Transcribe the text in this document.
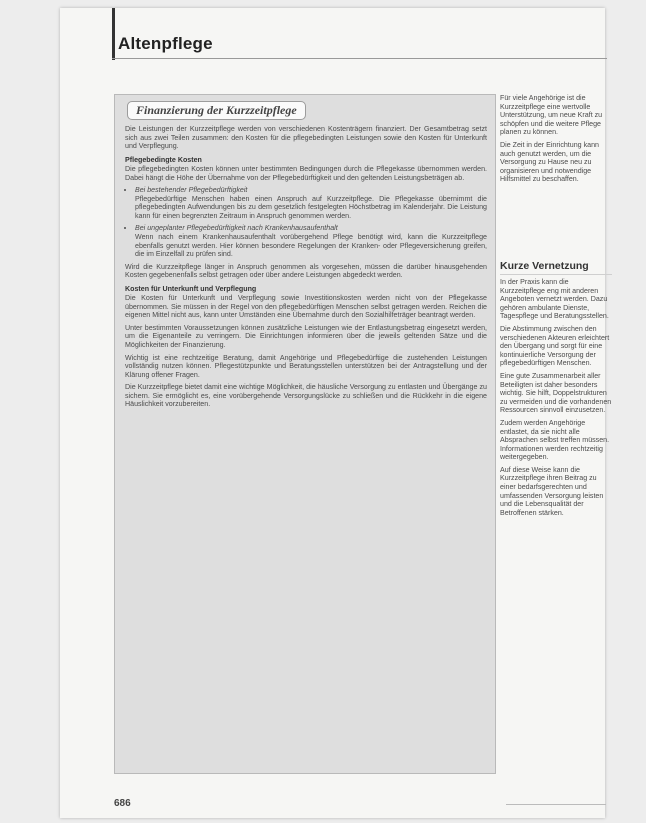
Altenpflege
Finanzierung der Kurzzeitpflege

Die Leistungen der Kurzzeitpflege werden von verschiedenen Kostenträgern finanziert. Der Gesamtbetrag setzt sich aus zwei Teilen zusammen: den Kosten für die pflegebedingten Leistungen sowie den Kosten für Unterkunft und Verpflegung.

Pflegebedingte Kosten

Die pflegebedingten Kosten können unter bestimmten Bedingungen durch die Pflegekasse übernommen werden. Dabei hängt die Höhe der Übernahme von der Pflegebedürftigkeit und den geltenden Leistungsbeträgen ab.

• Bei bestehender Pflegebedürftigkeit
Pflegebedürftige Menschen haben einen Anspruch auf Kurzzeitpflege. Die Pflegekasse übernimmt die pflegebedingten Aufwendungen bis zu dem gesetzlich festgelegten Höchstbetrag im Kalenderjahr. Die Leistung kann für einen begrenzten Zeitraum in Anspruch genommen werden.
• Bei ungeplanter Pflegebedürftigkeit nach Krankenhausaufenthalt
Wenn nach einem Krankenhausaufenthalt vorübergehend Pflege benötigt wird, kann die Kurzzeitpflege ebenfalls genutzt werden. Hier können besondere Regelungen der Kranken- oder Pflegeversicherung greifen, die im Einzelfall zu prüfen sind.

Wird die Kurzzeitpflege länger in Anspruch genommen als vorgesehen, müssen die darüber hinausgehenden Kosten gegebenenfalls selbst getragen oder über andere Leistungen abgedeckt werden.

Kosten für Unterkunft und Verpflegung

Die Kosten für Unterkunft und Verpflegung sowie Investitionskosten werden nicht von der Pflegekasse übernommen. Sie müssen in der Regel von den pflegebedürftigen Menschen selbst getragen werden. Reichen die eigenen Mittel nicht aus, kann unter Umständen eine Übernahme durch den Sozialhilfeträger beantragt werden.

Unter bestimmten Voraussetzungen können zusätzliche Leistungen wie der Entlastungsbetrag eingesetzt werden, um die Eigenanteile zu verringern. Die Einrichtungen informieren über die jeweils geltenden Sätze und die Möglichkeiten der Finanzierung.

Wichtig ist eine rechtzeitige Beratung, damit Angehörige und Pflegebedürftige die zustehenden Leistungen vollständig nutzen können. Pflegestützpunkte und Beratungsstellen unterstützen bei der Antragstellung und der Klärung offener Fragen.

Die Kurzzeitpflege bietet damit eine wichtige Möglichkeit, die häusliche Versorgung zu entlasten und Übergänge zu sichern. Sie ermöglicht es, eine vorübergehende Versorgungslücke zu schließen und die Rückkehr in die eigene Häuslichkeit vorzubereiten.

Für viele Angehörige ist die Kurzzeitpflege eine wertvolle Unterstützung, um neue Kraft zu schöpfen und die weitere Pflege planen zu können.

Die Zeit in der Einrichtung kann auch genutzt werden, um die Versorgung zu Hause neu zu organisieren und notwendige Hilfsmittel zu beschaffen.

Kurze Vernetzung

In der Praxis kann die Kurzzeitpflege eng mit anderen Angeboten vernetzt werden. Dazu gehören ambulante Dienste, Tagespflege und Beratungsstellen.

Die Abstimmung zwischen den verschiedenen Akteuren erleichtert den Übergang und sorgt für eine kontinuierliche Versorgung der pflegebedürftigen Menschen.

Eine gute Zusammenarbeit aller Beteiligten ist daher besonders wichtig. Sie hilft, Doppelstrukturen zu vermeiden und die vorhandenen Ressourcen sinnvoll einzusetzen.

Zudem werden Angehörige entlastet, da sie nicht alle Absprachen selbst treffen müssen. Informationen werden rechtzeitig weitergegeben.

Auf diese Weise kann die Kurzzeitpflege ihren Beitrag zu einer bedarfsgerechten und umfassenden Versorgung leisten und die Lebensqualität der Betroffenen stärken.

686
